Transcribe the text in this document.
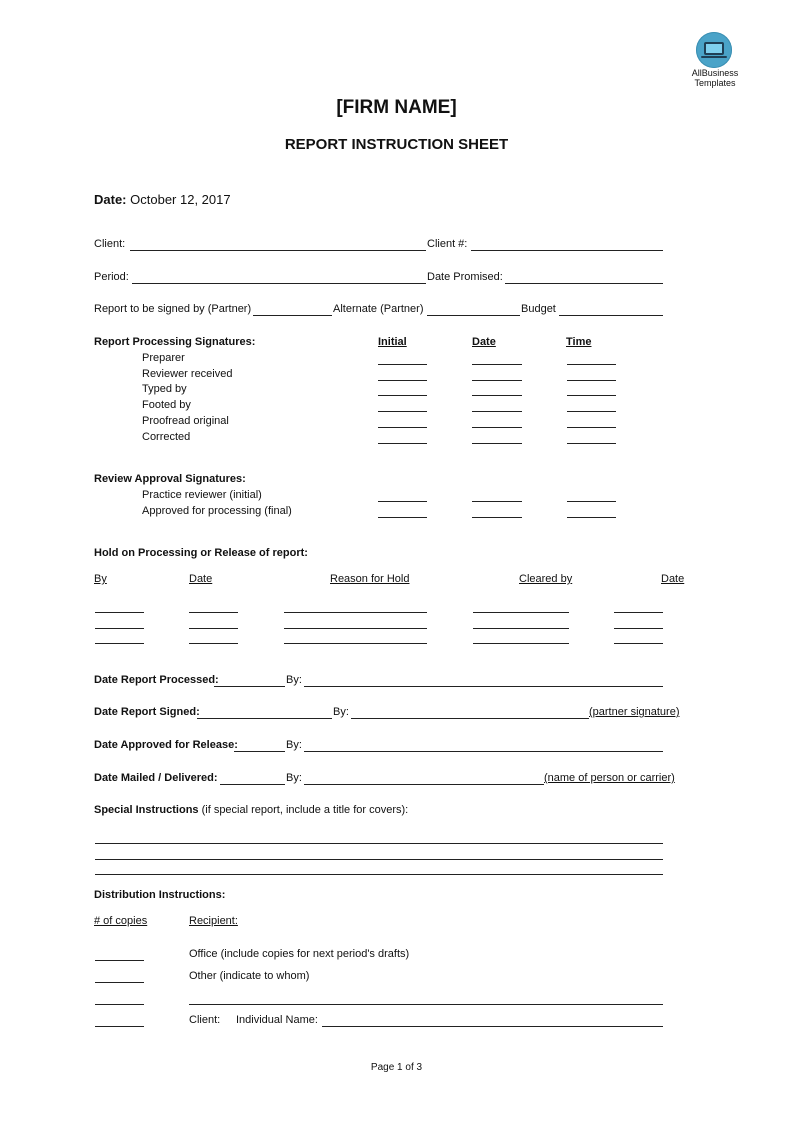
AllBusiness
Templates
[FIRM NAME]
REPORT INSTRUCTION SHEET
Date: October 12, 2017
Client:	Client #:
Period:	Date Promised:
Report to be signed by (Partner)	Alternate (Partner)	Budget
Report Processing Signatures:	Initial	Date	Time
Preparer
Reviewer received
Typed by
Footed by
Proofread original
Corrected
Review Approval Signatures:
Practice reviewer (initial)
Approved for processing (final)
Hold on Processing or Release of report:
By	Date	Reason for Hold	Cleared by	Date
Date Report Processed:	By:
Date Report Signed:	By:	(partner signature)
Date Approved for Release:	By:
Date Mailed / Delivered:	By:	(name of person or carrier)
Special Instructions (if special report, include a title for covers):
Distribution Instructions:
# of copies	Recipient:
Office (include copies for next period's drafts)
Other (indicate to whom)
Client: Individual Name:
Page 1 of 3
